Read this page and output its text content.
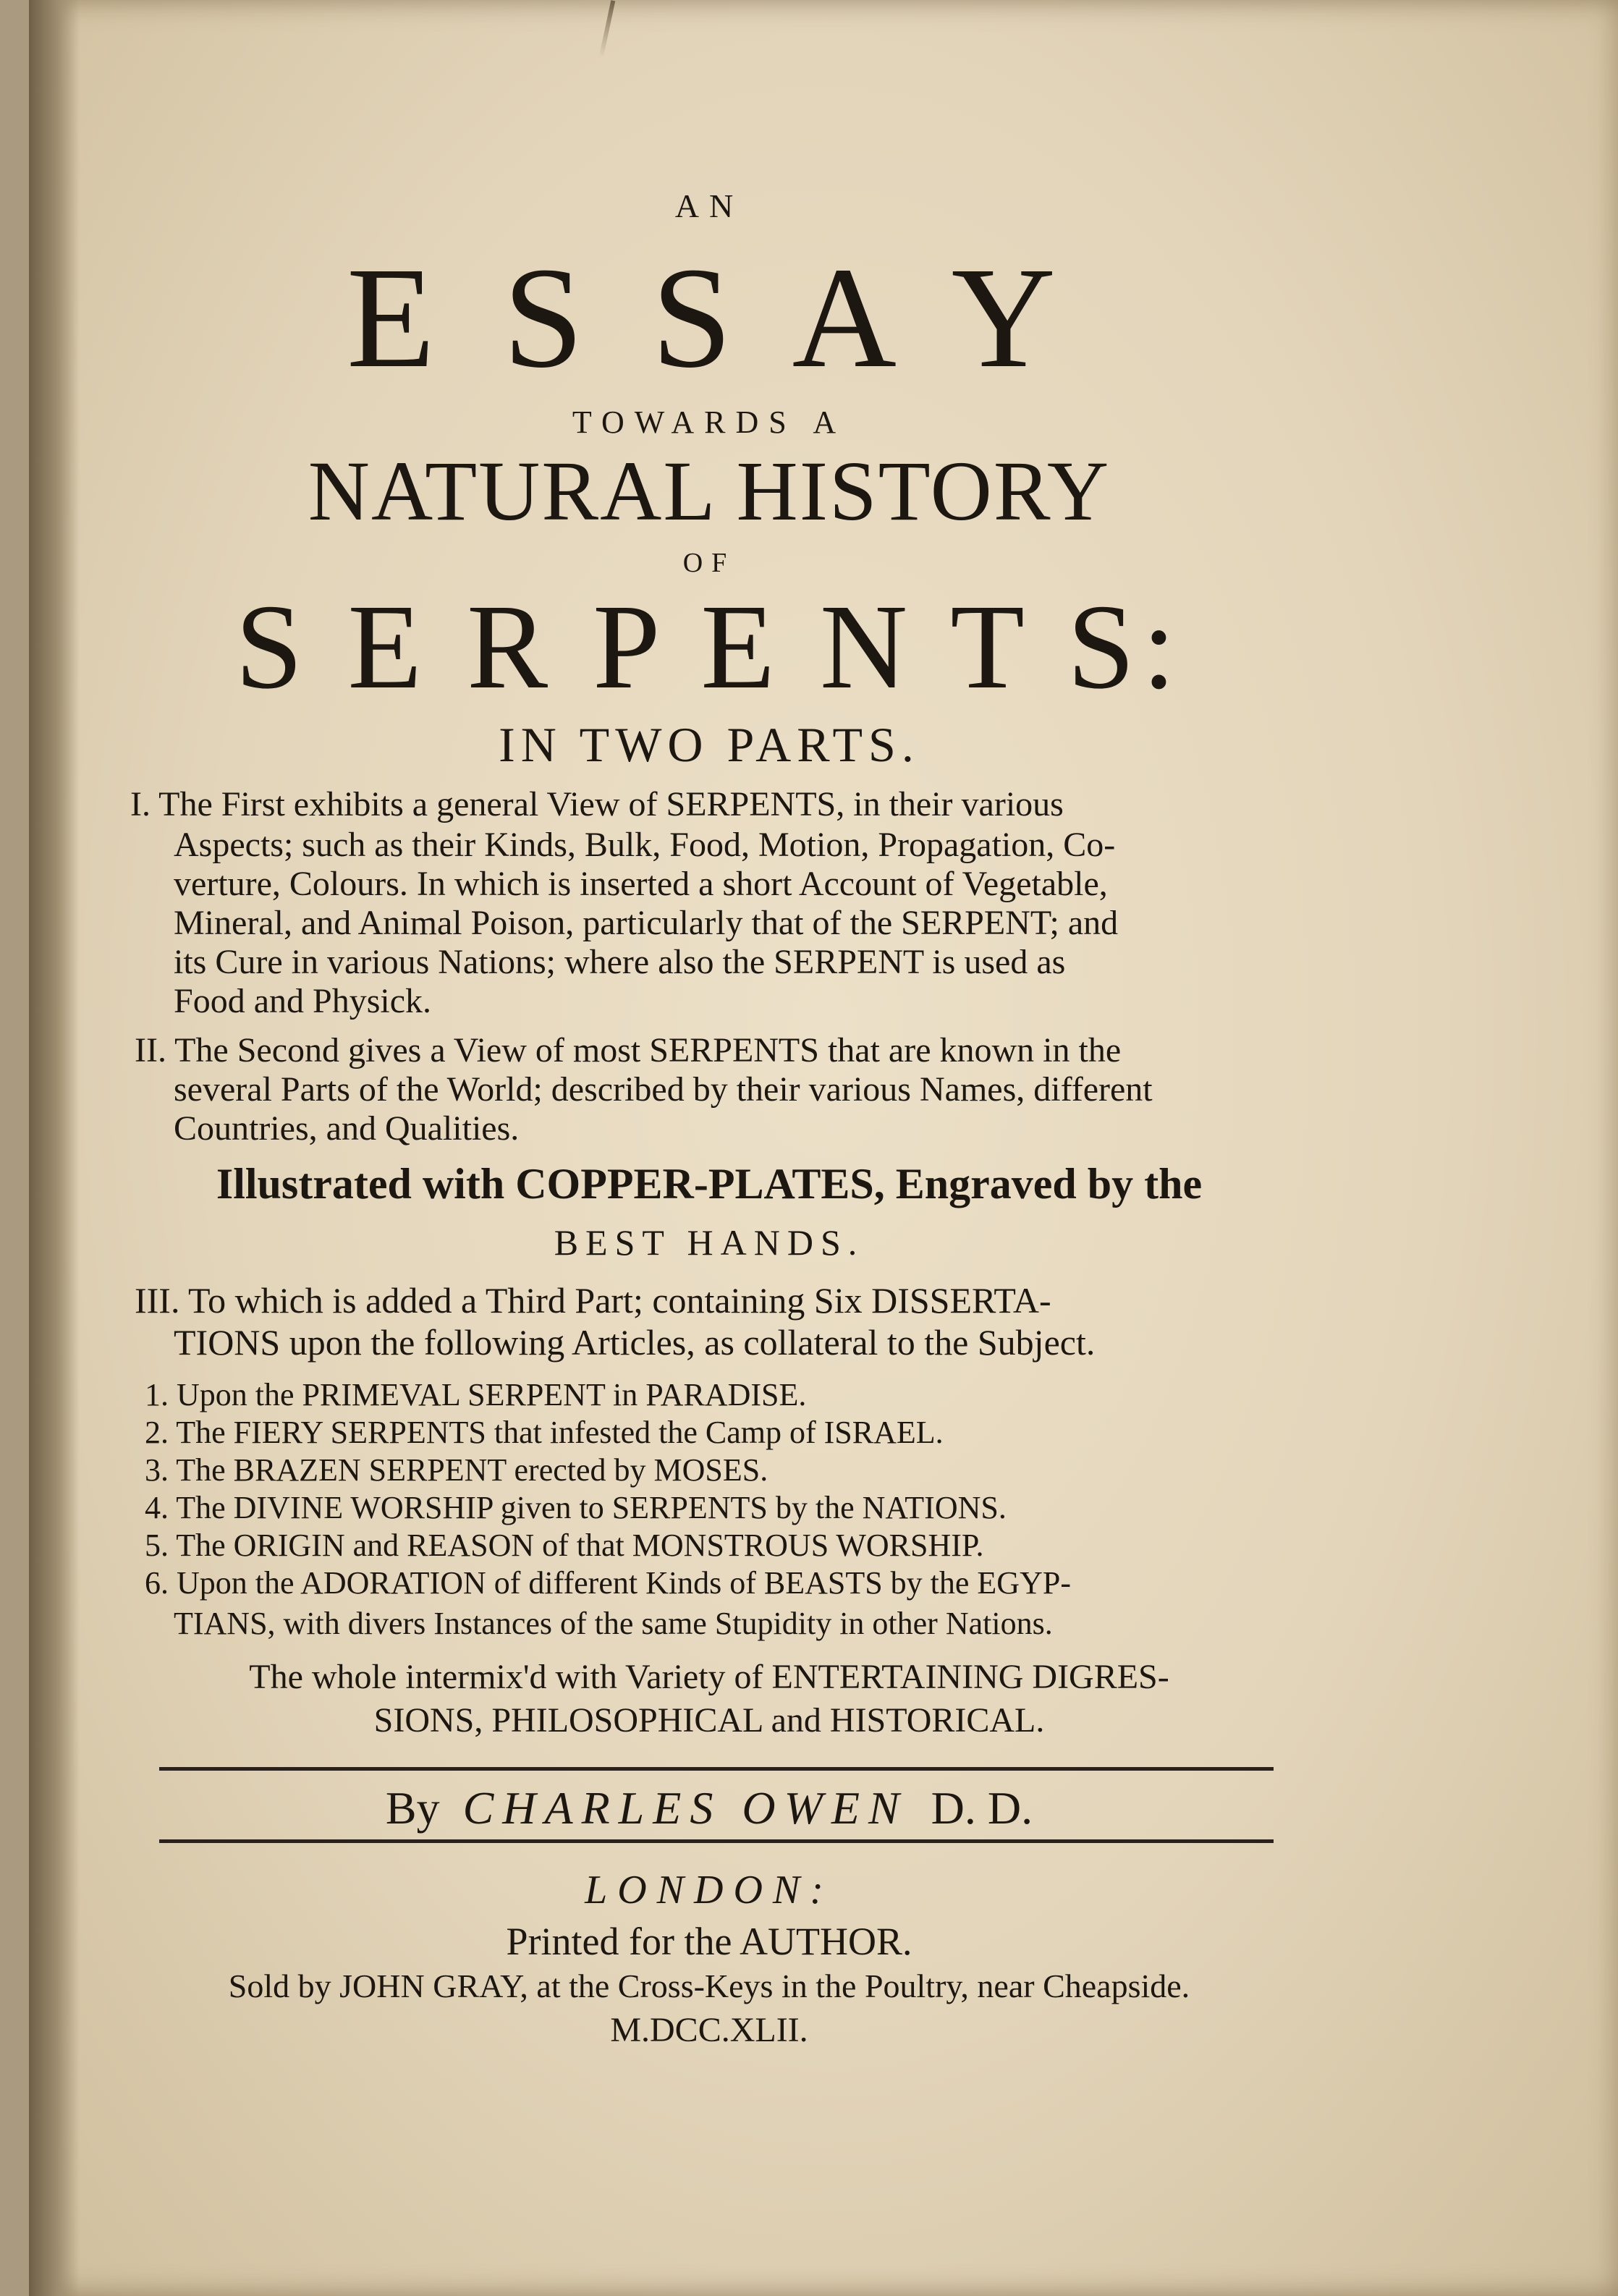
AN
E S S A Y
TOWARDS A
NATURAL HISTORY
OF
S E R P E N T S:
IN TWO PARTS.
I. The First exhibits a general View of SERPENTS, in their various
Aspects; such as their Kinds, Bulk, Food, Motion, Propagation, Co-
verture, Colours. In which is inserted a short Account of Vegetable,
Mineral, and Animal Poison, particularly that of the SERPENT; and
its Cure in various Nations; where also the SERPENT is used as
Food and Physick.
II. The Second gives a View of most SERPENTS that are known in the
several Parts of the World; described by their various Names, different
Countries, and Qualities.
Illustrated with COPPER-PLATES, Engraved by the
BEST HANDS.
III. To which is added a Third Part; containing Six DISSERTA-
TIONS upon the following Articles, as collateral to the Subject.
1. Upon the PRIMEVAL SERPENT in PARADISE.
2. The FIERY SERPENTS that infested the Camp of ISRAEL.
3. The BRAZEN SERPENT erected by MOSES.
4. The DIVINE WORSHIP given to SERPENTS by the NATIONS.
5. The ORIGIN and REASON of that MONSTROUS WORSHIP.
6. Upon the ADORATION of different Kinds of BEASTS by the EGYP-
TIANS, with divers Instances of the same Stupidity in other Nations.
The whole intermix'd with Variety of ENTERTAINING DIGRES-
SIONS, PHILOSOPHICAL and HISTORICAL.
By CHARLES OWEN D. D.
LONDON:
Printed for the AUTHOR.
Sold by JOHN GRAY, at the Cross-Keys in the Poultry, near Cheapside.
M.DCC.XLII.
